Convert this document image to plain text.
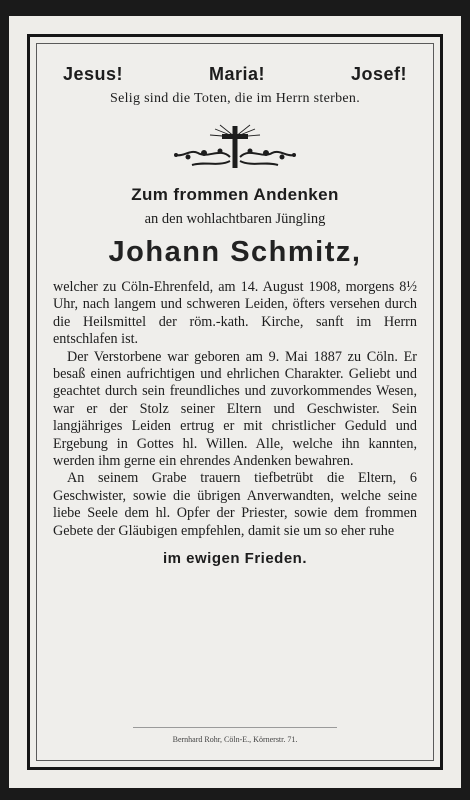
Jesus!	Maria!	Josef!
Selig sind die Toten, die im Herrn sterben.
Zum frommen Andenken
an den wohlachtbaren Jüngling
Johann Schmitz,

welcher zu Cöln-Ehrenfeld, am 14. August 1908, morgens 8½ Uhr, nach langem und schweren Leiden, öfters versehen durch die Heilsmittel der röm.-kath. Kirche, sanft im Herrn entschlafen ist.

Der Verstorbene war geboren am 9. Mai 1887 zu Cöln. Er besaß einen aufrichtigen und ehrlichen Charakter. Geliebt und geachtet durch sein freundliches und zuvorkommendes Wesen, war er der Stolz seiner Eltern und Geschwister. Sein langjähriges Leiden ertrug er mit christlicher Geduld und Ergebung in Gottes hl. Willen. Alle, welche ihn kannten, werden ihm gerne ein ehrendes Andenken bewahren.

An seinem Grabe trauern tiefbetrübt die Eltern, 6 Geschwister, sowie die übrigen Anverwandten, welche seine liebe Seele dem hl. Opfer der Priester, sowie dem frommen Gebete der Gläubigen empfehlen, damit sie um so eher ruhe

im ewigen Frieden.
Bernhard Rohr, Cöln-E., Körnerstr. 71.
